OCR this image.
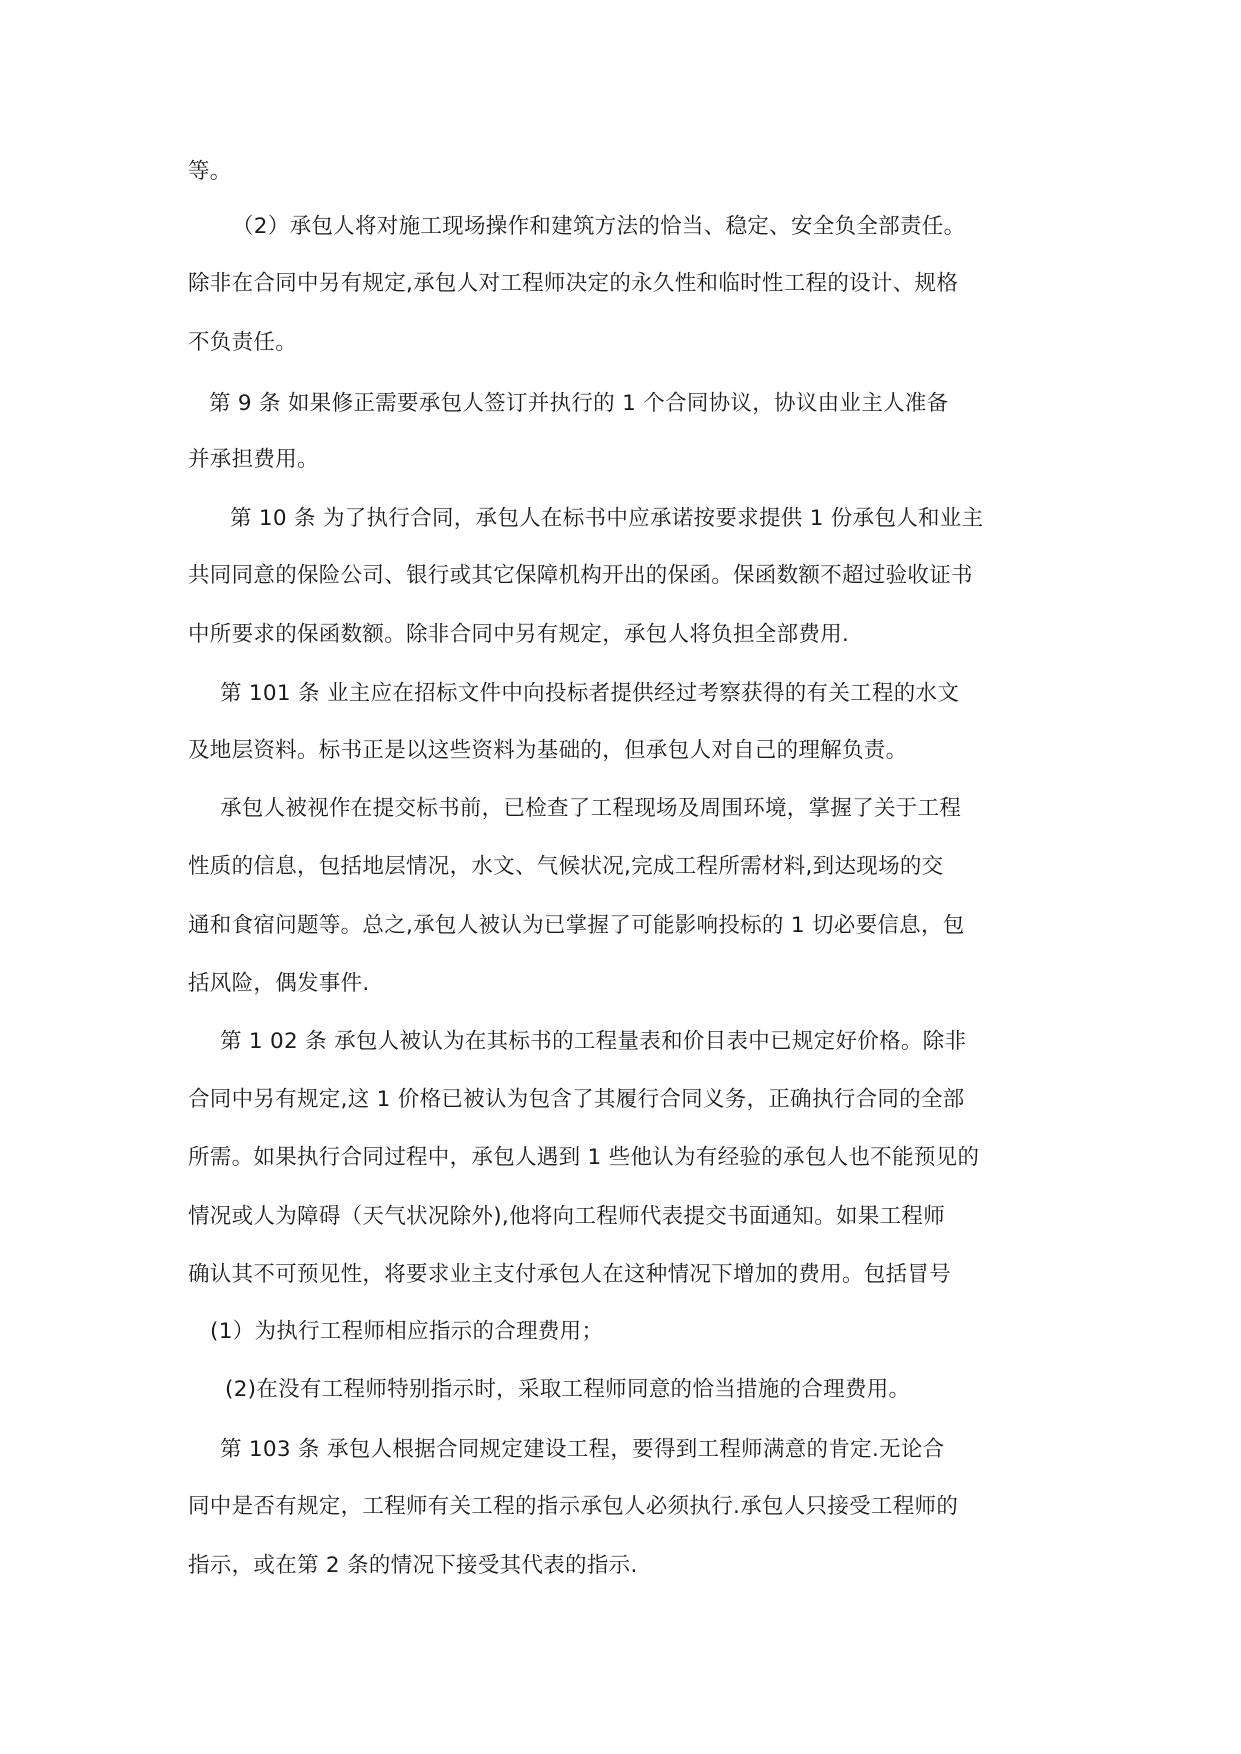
等。
（2）承包人将对施工现场操作和建筑方法的恰当、稳定、安全负全部责任。
除非在合同中另有规定,承包人对工程师决定的永久性和临时性工程的设计、规格
不负责任。
第 9 条 如果修正需要承包人签订并执行的 1 个合同协议，协议由业主人准备
并承担费用。
第 10 条 为了执行合同，承包人在标书中应承诺按要求提供 1 份承包人和业主
共同同意的保险公司、银行或其它保障机构开出的保函。保函数额不超过验收证书
中所要求的保函数额。除非合同中另有规定，承包人将负担全部费用.
第 101 条 业主应在招标文件中向投标者提供经过考察获得的有关工程的水文
及地层资料。标书正是以这些资料为基础的，但承包人对自己的理解负责。
承包人被视作在提交标书前，已检查了工程现场及周围环境，掌握了关于工程
性质的信息，包括地层情况，水文、气候状况,完成工程所需材料,到达现场的交
通和食宿问题等。总之,承包人被认为已掌握了可能影响投标的 1 切必要信息，包
括风险，偶发事件.
第 1 02 条 承包人被认为在其标书的工程量表和价目表中已规定好价格。除非
合同中另有规定,这 1 价格已被认为包含了其履行合同义务，正确执行合同的全部
所需。如果执行合同过程中，承包人遇到 1 些他认为有经验的承包人也不能预见的
情况或人为障碍（天气状况除外),他将向工程师代表提交书面通知。如果工程师
确认其不可预见性，将要求业主支付承包人在这种情况下增加的费用。包括冒号
(1）为执行工程师相应指示的合理费用；
(2)在没有工程师特别指示时，采取工程师同意的恰当措施的合理费用。
第 103 条 承包人根据合同规定建设工程，要得到工程师满意的肯定.无论合
同中是否有规定，工程师有关工程的指示承包人必须执行.承包人只接受工程师的
指示，或在第 2 条的情况下接受其代表的指示.
